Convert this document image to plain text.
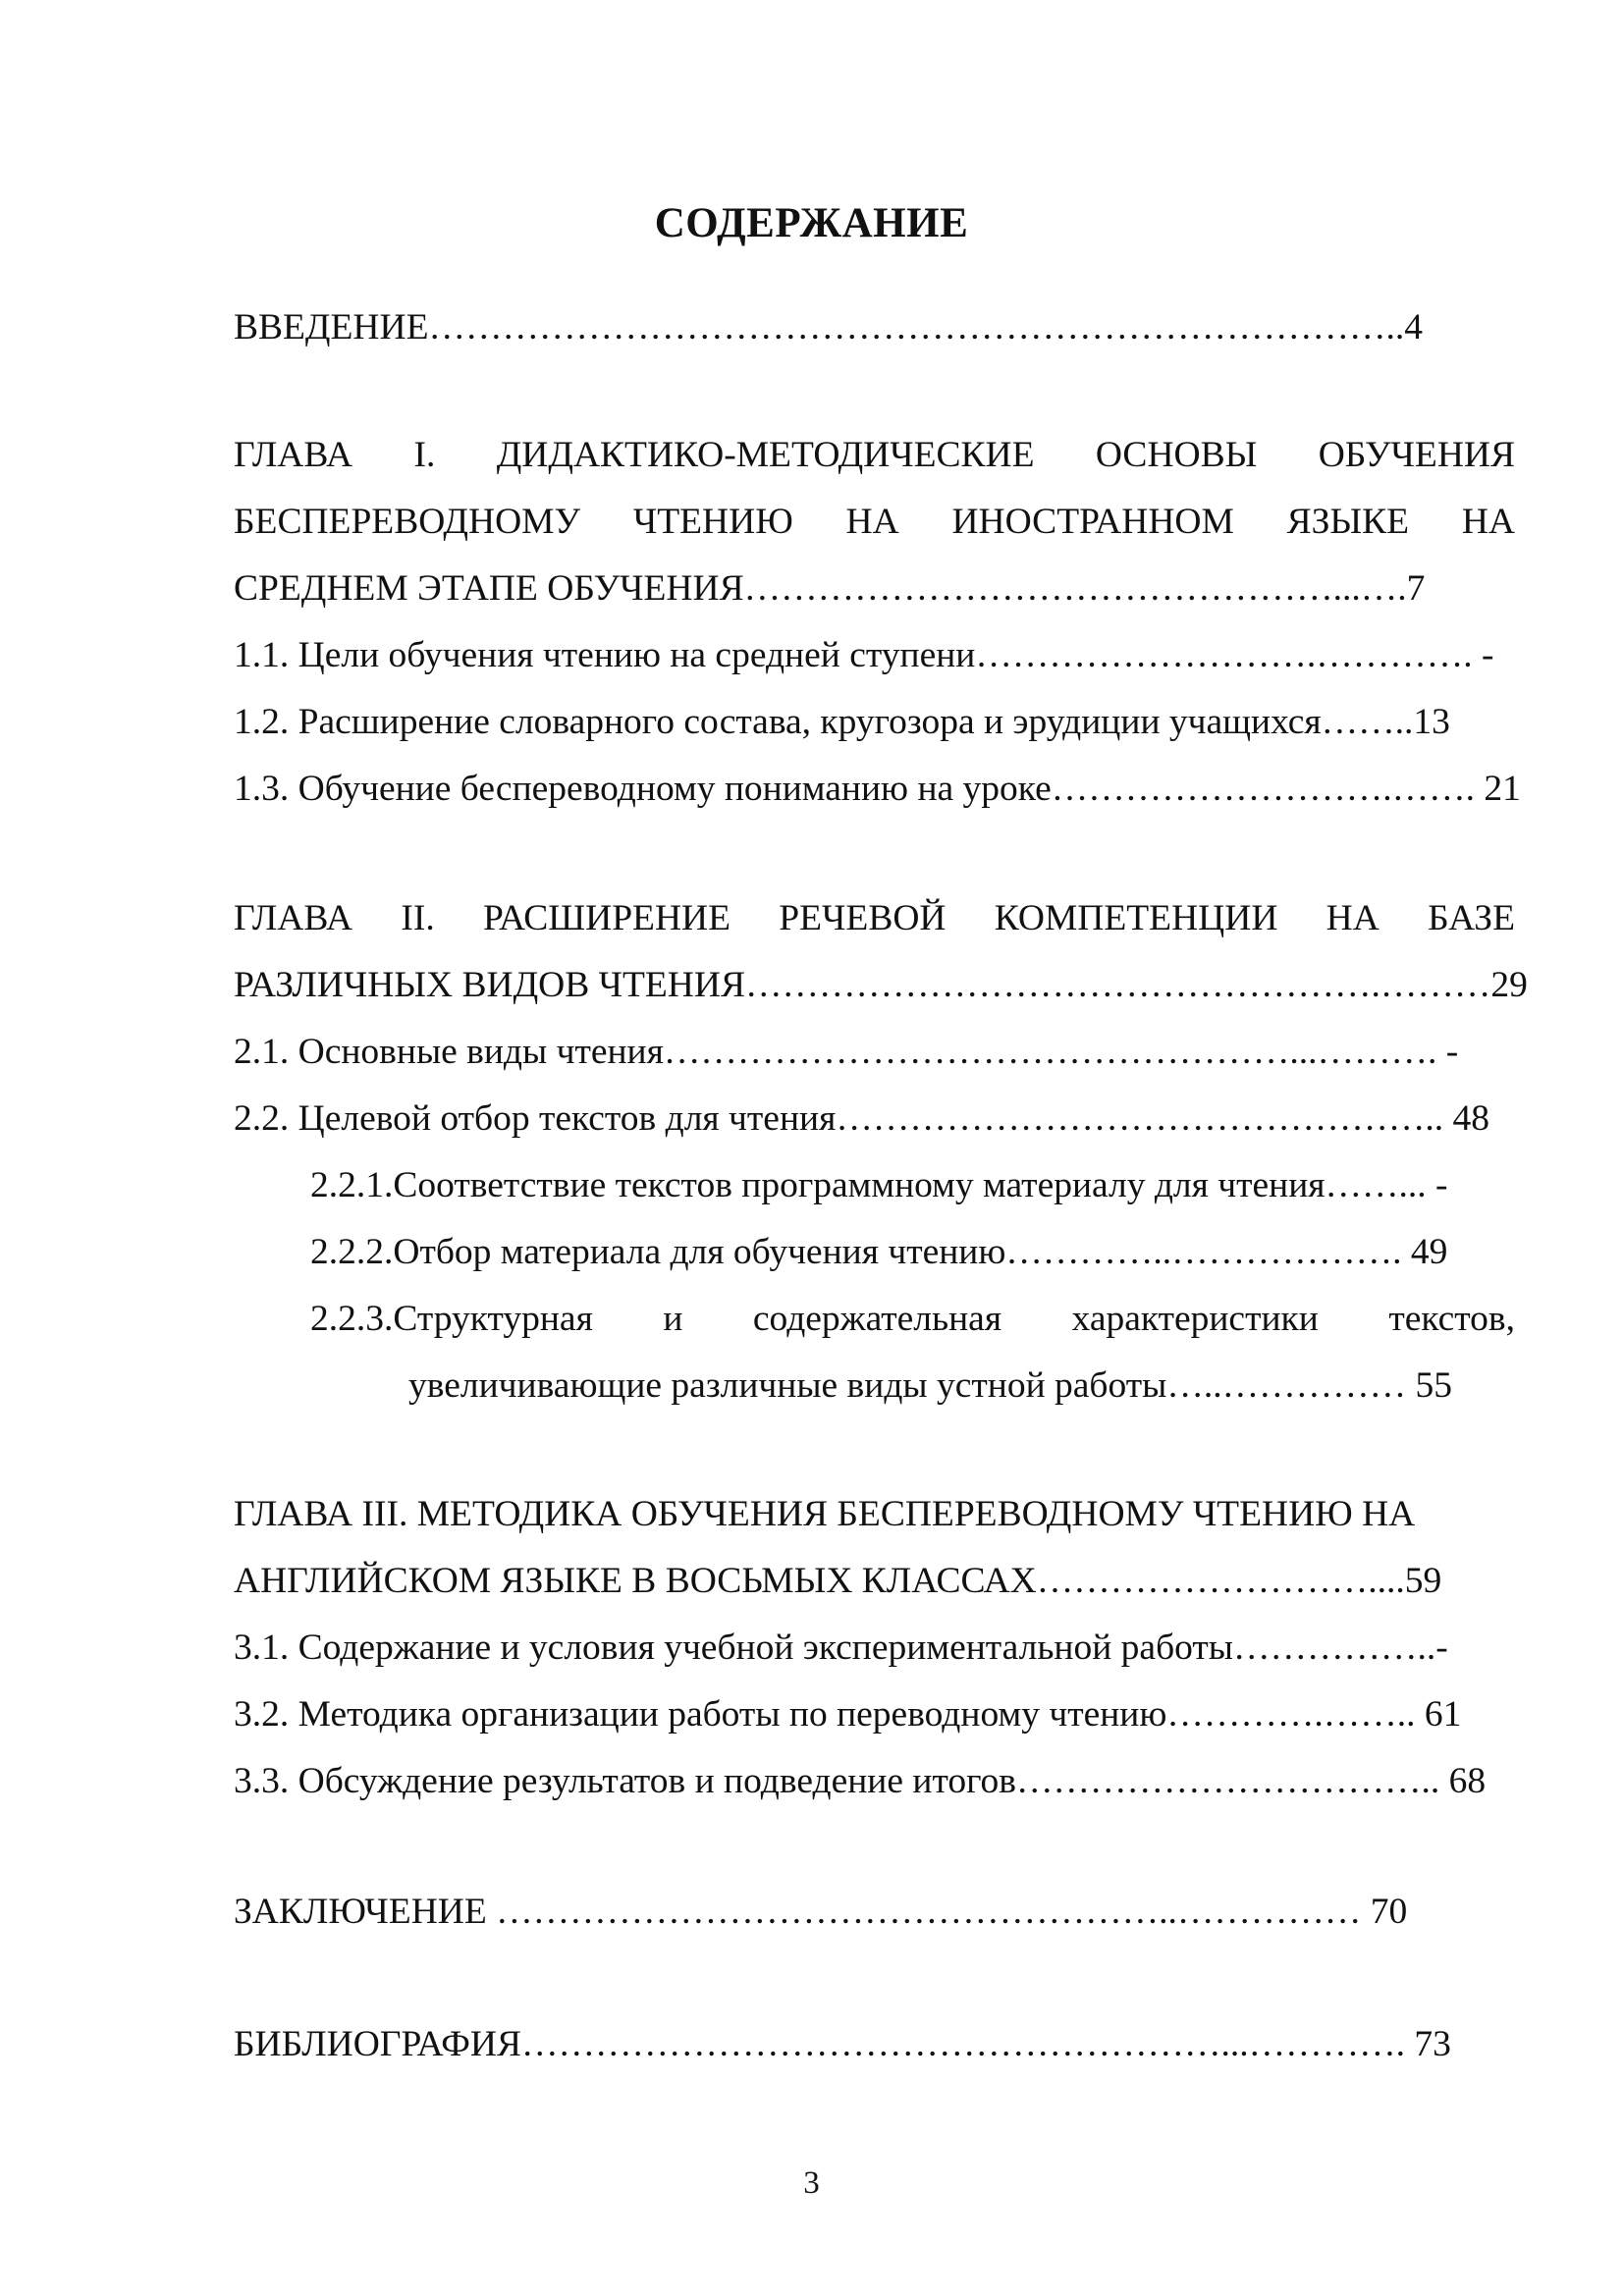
СОДЕРЖАНИЕ
ВВЕДЕНИЕ……………………………………………………………………..4
ГЛАВА I. ДИДАКТИКО-МЕТОДИЧЕСКИЕ ОСНОВЫ ОБУЧЕНИЯ
БЕСПЕРЕВОДНОМУ ЧТЕНИЮ НА ИНОСТРАННОМ ЯЗЫКЕ НА
СРЕДНЕМ ЭТАПЕ ОБУЧЕНИЯ…………………………………………...….7
1.1. Цели обучения чтению на средней ступени……………………….…………. -
1.2. Расширение словарного состава, кругозора и эрудиции учащихся……..13
1.3. Обучение беспереводному пониманию на уроке……………………….……. 21
ГЛАВА II. РАСШИРЕНИЕ РЕЧЕВОЙ КОМПЕТЕНЦИИ НА БАЗЕ
РАЗЛИЧНЫХ ВИДОВ ЧТЕНИЯ…………………………………………….………29
2.1. Основные виды чтения……………………………………………...………. -
2.2. Целевой отбор текстов для чтения………………………………………….. 48
2.2.1.Соответствие текстов программному материалу для чтения……... -
2.2.2.Отбор материала для обучения чтению…………..………………. 49
2.2.3.Структурная и содержательная характеристики текстов,
увеличивающие различные виды устной работы…..…………… 55
ГЛАВА III. МЕТОДИКА ОБУЧЕНИЯ БЕСПЕРЕВОДНОМУ ЧТЕНИЮ НА
АНГЛИЙСКОМ ЯЗЫКЕ В ВОСЬМЫХ КЛАССАХ………………………....59
3.1. Содержание и условия учебной экспериментальной работы……………..-
3.2. Методика организации работы по переводному чтению………….…….. 61
3.3. Обсуждение результатов и подведение итогов…………………………….. 68
ЗАКЛЮЧЕНИЕ ………………………………………………..…………… 70
БИБЛИОГРАФИЯ…………………………………………………...…………. 73
3
